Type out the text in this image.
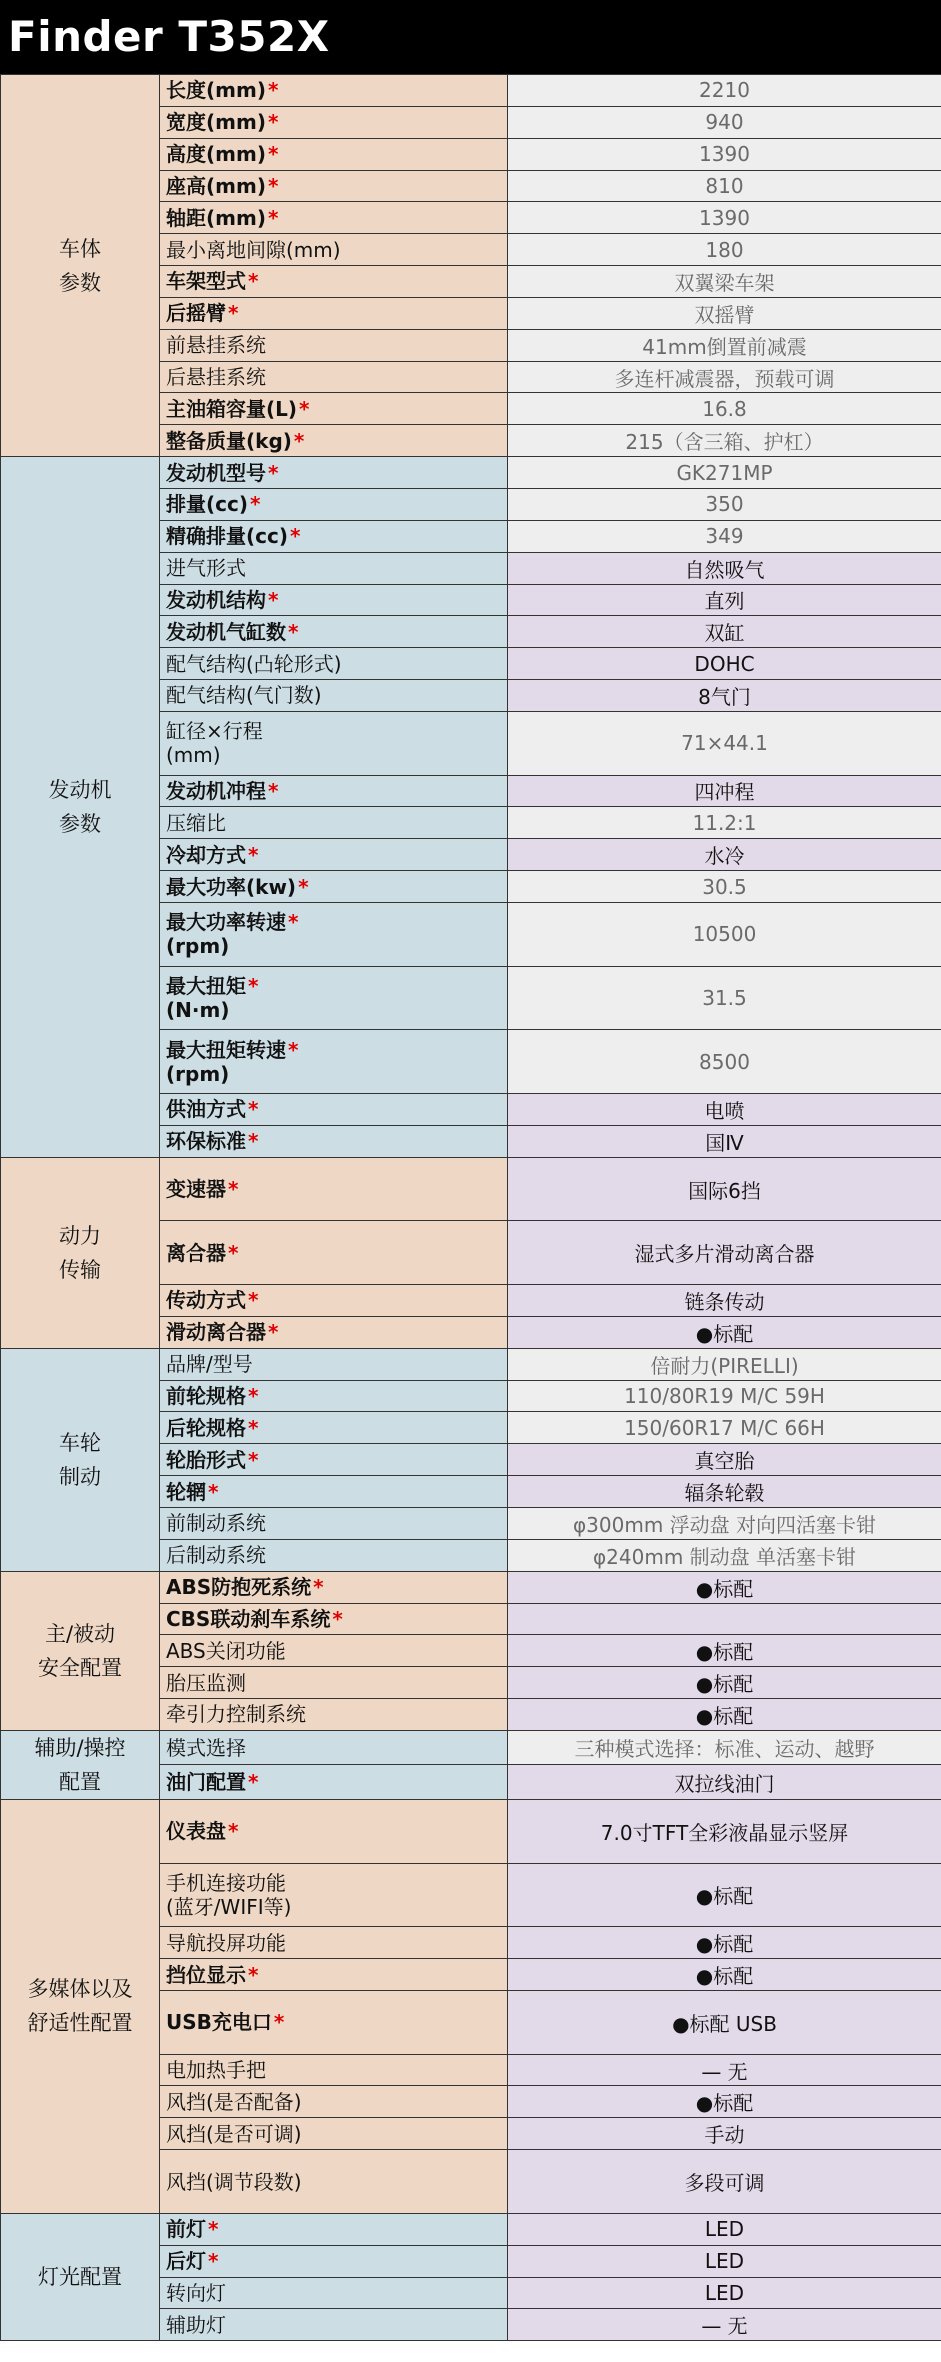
Finder T352X
车体
参数	长度(mm) *	2210

	宽度(mm) *	940

	高度(mm) *	1390

	座高(mm) *	810

	轴距(mm) *	1390

	最小离地间隙(mm)	180

	车架型式 *	双翼梁车架

	后摇臂 *	双摇臂

	前悬挂系统	41mm倒置前减震

	后悬挂系统	多连杆减震器，预载可调

	主油箱容量(L) *	16.8

	整备质量(kg) *	215（含三箱、护杠）
发动机
参数	发动机型号 *	GK271MP

	排量(cc) *	350

	精确排量(cc) *	349

	进气形式	自然吸气

	发动机结构 *	直列

	发动机气缸数 *	双缸

	配气结构(凸轮形式)	DOHC

	配气结构(气门数)	8气门

	缸径×行程
(mm)	71×44.1

	发动机冲程 *	四冲程

	压缩比	11.2:1

	冷却方式 *	水冷

	最大功率(kw) *	30.5

	最大功率转速 *
(rpm)	10500

	最大扭矩 *
(N·m)	31.5

	最大扭矩转速 *
(rpm)	8500

	供油方式 *	电喷

	环保标准 *	国Ⅳ
动力
传输	变速器 *	国际6挡

	离合器 *	湿式多片滑动离合器

	传动方式 *	链条传动

	滑动离合器 *	●标配
车轮
制动	品牌/型号	倍耐力(PIRELLI)

	前轮规格 *	110/80R19 M/C 59H

	后轮规格 *	150/60R17 M/C 66H

	轮胎形式 *	真空胎

	轮辋 *	辐条轮毂

	前制动系统	φ300mm 浮动盘 对向四活塞卡钳

	后制动系统	φ240mm 制动盘 单活塞卡钳
主/被动
安全配置	ABS防抱死系统 *	●标配

	CBS联动刹车系统 *	

	ABS关闭功能	●标配

	胎压监测	●标配

	牵引力控制系统	●标配
辅助/操控
配置	模式选择	三种模式选择：标准、运动、越野

	油门配置 *	双拉线油门
多媒体以及
舒适性配置	仪表盘 *	7.0寸TFT全彩液晶显示竖屏

	手机连接功能
(蓝牙/WIFI等)	●标配

	导航投屏功能	●标配

	挡位显示 *	●标配

	USB充电口 *	●标配 USB

	电加热手把	— 无

	风挡(是否配备)	●标配

	风挡(是否可调)	手动

	风挡(调节段数)	多段可调
灯光配置	前灯 *	LED

	后灯 *	LED

	转向灯	LED

	辅助灯	— 无
